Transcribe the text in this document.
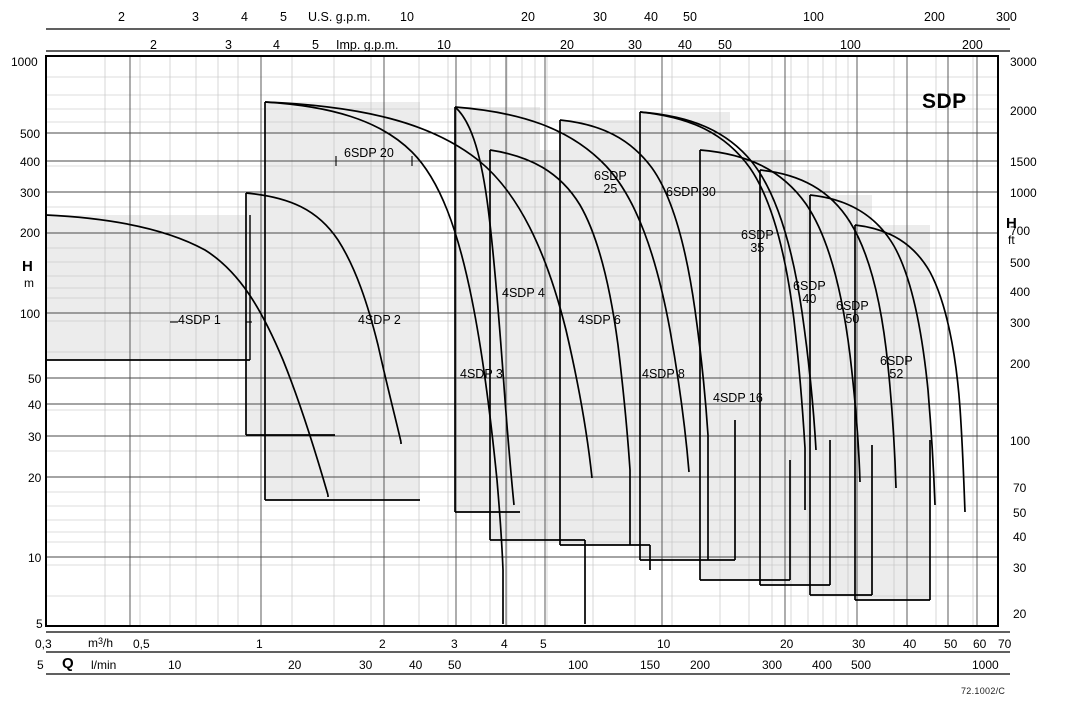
U.S. g.p.m.
2	3	4	5	10	20	30	40 50	100	200	300
Imp. g.p.m.
2	3	4	5	10	20	30	40 50	100	200
1000
500
400
300
200
100
50
40
30
20
10
5
H
m
3000
2000
1500
1000
700
500
400
300
200
100
70
50
40
30
20
H
ft
$m^3/h$
0,3	0,5	1	2	3	4	5	10	20	30	40 50 60 70
Q l/min
5	10	20	30	40 50	100	150 200	300 400 500	1000
4SDP 1	4SDP 2
4SDP 3
4SDP 4
4SDP 6
4SDP 8
4SDP 16
6SDP 20
6SDP
25	6SDP 30
6SDP
35
6SDP
40	6SDP
50
6SDP
52
SDP
72.1002/C
